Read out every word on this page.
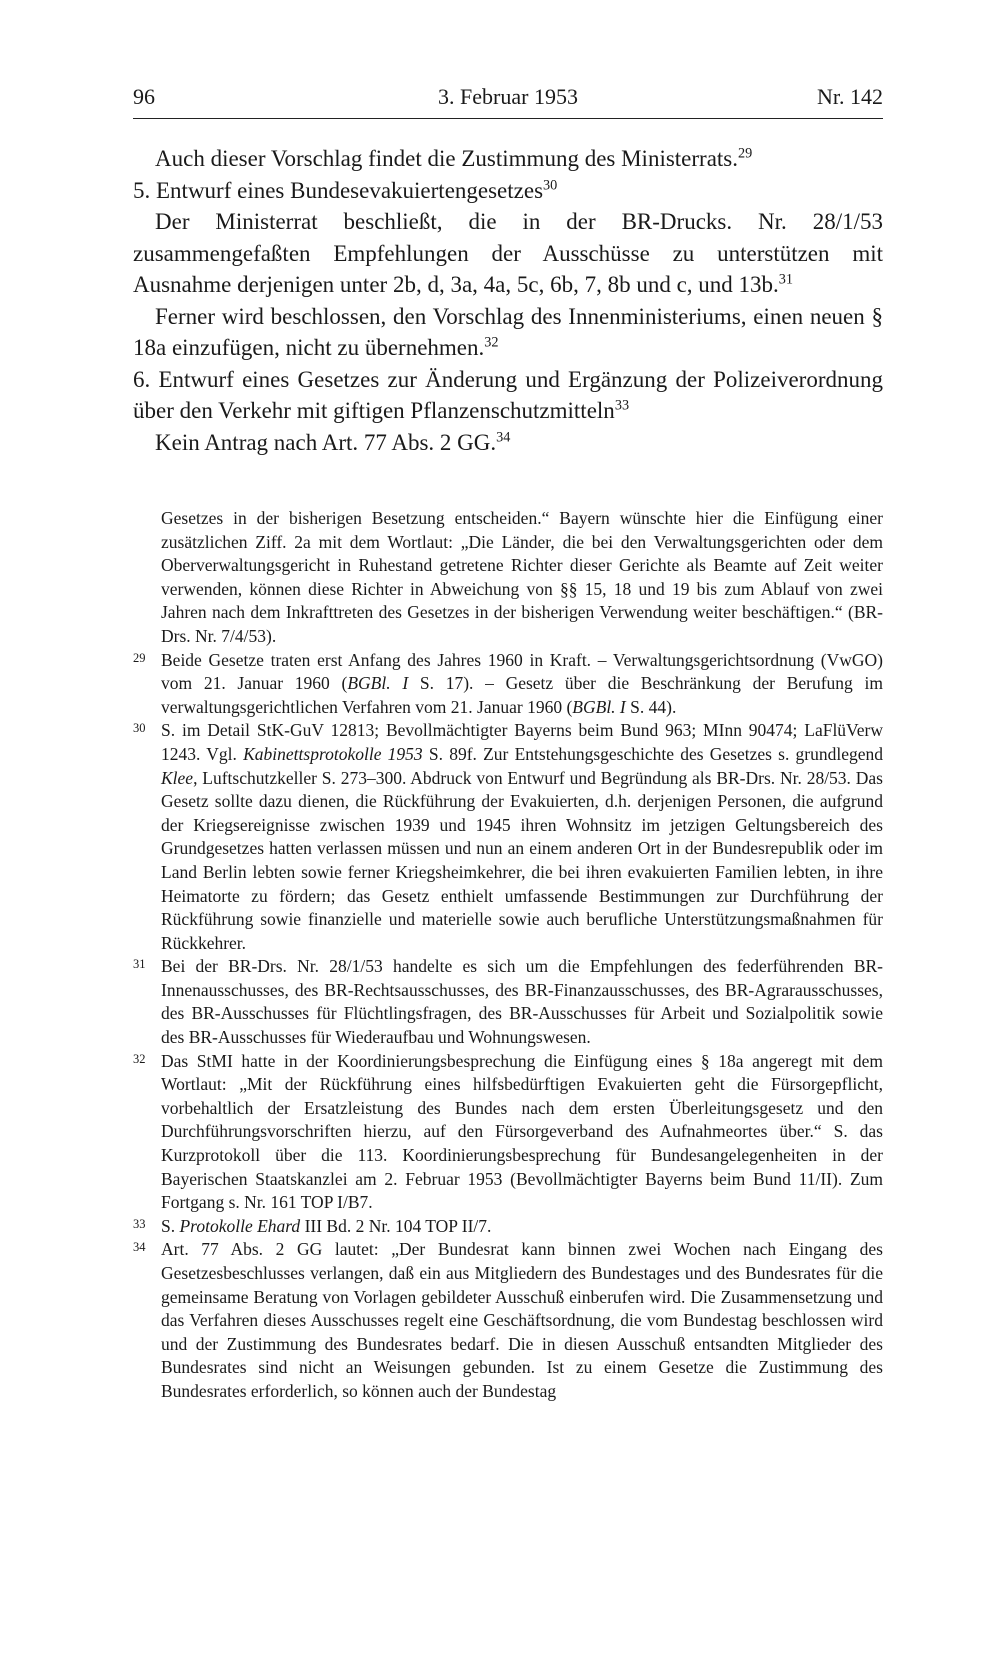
96	3. Februar 1953	Nr. 142

Auch dieser Vorschlag findet die Zustimmung des Ministerrats.$^{29}$

5. Entwurf eines Bundesevakuiertengesetzes$^{30}$

Der Ministerrat beschließt, die in der BR-Drucks. Nr. 28/1/53 zusammengefaßten Empfehlungen der Ausschüsse zu unterstützen mit Ausnahme derjenigen unter 2b, d, 3a, 4a, 5c, 6b, 7, 8b und c, und 13b.$^{31}$

Ferner wird beschlossen, den Vorschlag des Innenministeriums, einen neuen § 18a einzufügen, nicht zu übernehmen.$^{32}$

6. Entwurf eines Gesetzes zur Änderung und Ergänzung der Polizeiverordnung über den Verkehr mit giftigen Pflanzenschutzmitteln$^{33}$

Kein Antrag nach Art. 77 Abs. 2 GG.$^{34}$

Gesetzes in der bisherigen Besetzung entscheiden.“ Bayern wünschte hier die Einfügung einer zusätzlichen Ziff. 2a mit dem Wortlaut: „Die Länder, die bei den Verwaltungsgerichten oder dem Oberverwaltungsgericht in Ruhestand getretene Richter dieser Gerichte als Beamte auf Zeit weiter verwenden, können diese Richter in Abweichung von §§ 15, 18 und 19 bis zum Ablauf von zwei Jahren nach dem Inkrafttreten des Gesetzes in der bisherigen Verwendung weiter beschäftigen.“ (BR-Drs. Nr. 7/4/53).

29 Beide Gesetze traten erst Anfang des Jahres 1960 in Kraft. – Verwaltungsgerichtsordnung (VwGO) vom 21. Januar 1960 (BGBl. I S. 17). – Gesetz über die Beschränkung der Berufung im verwaltungsgerichtlichen Verfahren vom 21. Januar 1960 (BGBl. I S. 44).

30 S. im Detail StK-GuV 12813; Bevollmächtigter Bayerns beim Bund 963; MInn 90474; LaFlüVerw 1243. Vgl. Kabinettsprotokolle 1953 S. 89f. Zur Entstehungsgeschichte des Gesetzes s. grundlegend Klee, Luftschutzkeller S. 273–300. Abdruck von Entwurf und Begründung als BR-Drs. Nr. 28/53. Das Gesetz sollte dazu dienen, die Rückführung der Evakuierten, d.h. derjenigen Personen, die aufgrund der Kriegsereignisse zwischen 1939 und 1945 ihren Wohnsitz im jetzigen Geltungsbereich des Grundgesetzes hatten verlassen müssen und nun an einem anderen Ort in der Bundesrepublik oder im Land Berlin lebten sowie ferner Kriegsheimkehrer, die bei ihren evakuierten Familien lebten, in ihre Heimatorte zu fördern; das Gesetz enthielt umfassende Bestimmungen zur Durchführung der Rückführung sowie finanzielle und materielle sowie auch berufliche Unterstützungsmaßnahmen für Rückkehrer.

31 Bei der BR-Drs. Nr. 28/1/53 handelte es sich um die Empfehlungen des federführenden BR-Innenausschusses, des BR-Rechtsausschusses, des BR-Finanzausschusses, des BR-Agrarausschusses, des BR-Ausschusses für Flüchtlingsfragen, des BR-Ausschusses für Arbeit und Sozialpolitik sowie des BR-Ausschusses für Wiederaufbau und Wohnungswesen.

32 Das StMI hatte in der Koordinierungsbesprechung die Einfügung eines § 18a angeregt mit dem Wortlaut: „Mit der Rückführung eines hilfsbedürftigen Evakuierten geht die Fürsorgepflicht, vorbehaltlich der Ersatzleistung des Bundes nach dem ersten Überleitungsgesetz und den Durchführungsvorschriften hierzu, auf den Fürsorgeverband des Aufnahmeortes über.“ S. das Kurzprotokoll über die 113. Koordinierungsbesprechung für Bundesangelegenheiten in der Bayerischen Staatskanzlei am 2. Februar 1953 (Bevollmächtigter Bayerns beim Bund 11/II). Zum Fortgang s. Nr. 161 TOP I/B7.

33 S. Protokolle Ehard III Bd. 2 Nr. 104 TOP II/7.

34 Art. 77 Abs. 2 GG lautet: „Der Bundesrat kann binnen zwei Wochen nach Eingang des Gesetzesbeschlusses verlangen, daß ein aus Mitgliedern des Bundestages und des Bundesrates für die gemeinsame Beratung von Vorlagen gebildeter Ausschuß einberufen wird. Die Zusammensetzung und das Verfahren dieses Ausschusses regelt eine Geschäftsordnung, die vom Bundestag beschlossen wird und der Zustimmung des Bundesrates bedarf. Die in diesen Ausschuß entsandten Mitglieder des Bundesrates sind nicht an Weisungen gebunden. Ist zu einem Gesetze die Zustimmung des Bundesrates erforderlich, so können auch der Bundestag
